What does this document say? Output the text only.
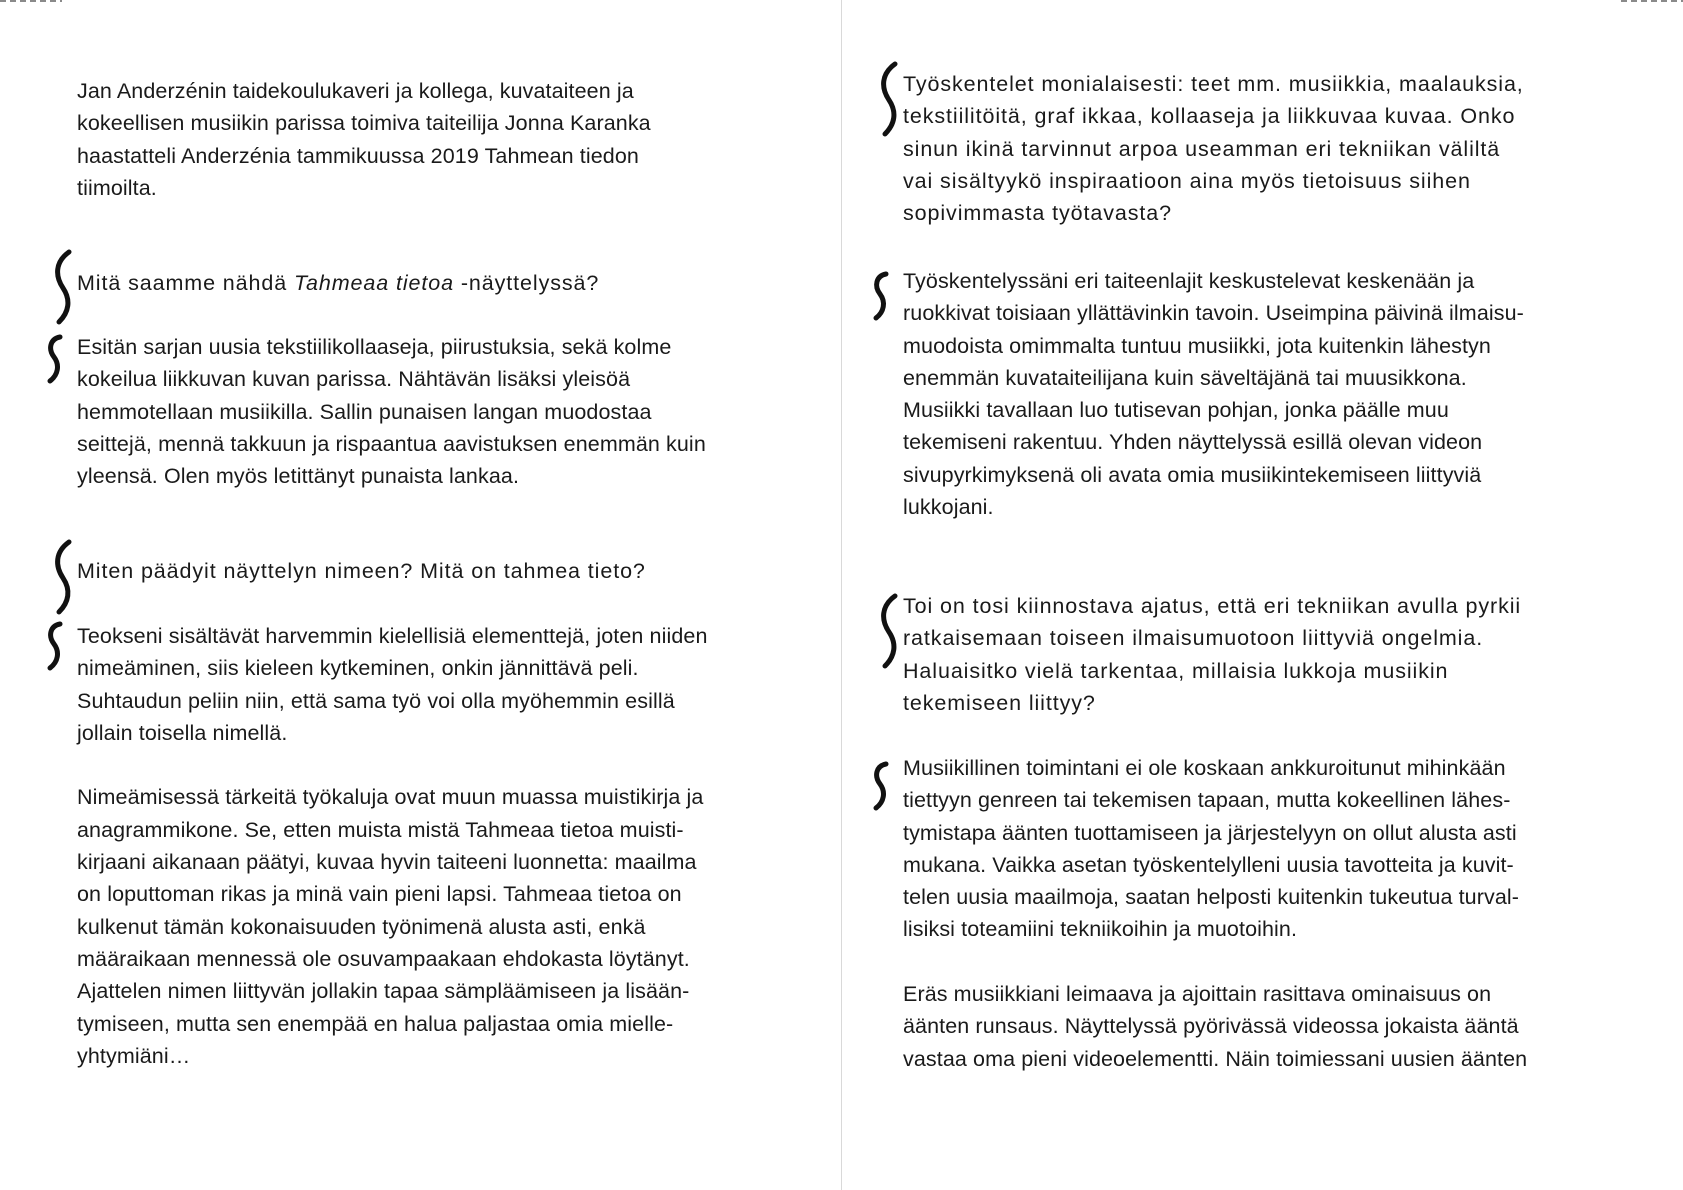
Jan Anderzénin taidekoulukaveri ja kollega, kuvataiteen ja
kokeellisen musiikin parissa toimiva taiteilija Jonna Karanka
haastatteli Anderzénia tammikuussa 2019 Tahmean tiedon
tiimoilta.
Mitä saamme nähdä Tahmeaa tietoa -näyttelyssä?
Esitän sarjan uusia tekstiilikollaaseja, piirustuksia, sekä kolme
kokeilua liikkuvan kuvan parissa. Nähtävän lisäksi yleisöä
hemmotellaan musiikilla. Sallin punaisen langan muodostaa
seittejä, mennä takkuun ja rispaantua aavistuksen enemmän kuin
yleensä. Olen myös letittänyt punaista lankaa.
Miten päädyit näyttelyn nimeen? Mitä on tahmea tieto?

Teokseni sisältävät harvemmin kielellisiä elementtejä, joten niiden
nimeäminen, siis kieleen kytkeminen, onkin jännittävä peli.
Suhtaudun peliin niin, että sama työ voi olla myöhemmin esillä
jollain toisella nimellä.

Nimeämisessä tärkeitä työkaluja ovat muun muassa muistikirja ja
anagrammikone. Se, etten muista mistä Tahmeaa tietoa muisti-
kirjaani aikanaan päätyi, kuvaa hyvin taiteeni luonnetta: maailma
on loputtoman rikas ja minä vain pieni lapsi. Tahmeaa tietoa on
kulkenut tämän kokonaisuuden työnimenä alusta asti, enkä
määraikaan mennessä ole osuvampaakaan ehdokasta löytänyt.
Ajattelen nimen liittyvän jollakin tapaa sämpläämiseen ja lisään-
tymiseen, mutta sen enempää en halua paljastaa omia mielle-
yhtymiäni…

Työskentelet monialaisesti: teet mm. musiikkia, maalauksia,
tekstiilitöitä, graf ikkaa, kollaaseja ja liikkuvaa kuvaa. Onko
sinun ikinä tarvinnut arpoa useamman eri tekniikan väliltä
vai sisältyykö inspiraatioon aina myös tietoisuus siihen
sopivimmasta työtavasta?
Työskentelyssäni eri taiteenlajit keskustelevat keskenään ja
ruokkivat toisiaan yllättävinkin tavoin. Useimpina päivinä ilmaisu-
muodoista omimmalta tuntuu musiikki, jota kuitenkin lähestyn
enemmän kuvataiteilijana kuin säveltäjänä tai muusikkona.
Musiikki tavallaan luo tutisevan pohjan, jonka päälle muu
tekemiseni rakentuu. Yhden näyttelyssä esillä olevan videon
sivupyrkimyksenä oli avata omia musiikintekemiseen liittyviä
lukkojani.
Toi on tosi kiinnostava ajatus, että eri tekniikan avulla pyrkii
ratkaisemaan toiseen ilmaisumuotoon liittyviä ongelmia.
Haluaisitko vielä tarkentaa, millaisia lukkoja musiikin
tekemiseen liittyy?

Musiikillinen toimintani ei ole koskaan ankkuroitunut mihinkään
tiettyyn genreen tai tekemisen tapaan, mutta kokeellinen lähes-
tymistapa äänten tuottamiseen ja järjestelyyn on ollut alusta asti
mukana. Vaikka asetan työskentelylleni uusia tavotteita ja kuvit-
telen uusia maailmoja, saatan helposti kuitenkin tukeutua turval-
lisiksi toteamiini tekniikoihin ja muotoihin.

Eräs musiikkiani leimaava ja ajoittain rasittava ominaisuus on
äänten runsaus. Näyttelyssä pyörivässä videossa jokaista ääntä
vastaa oma pieni videoelementti. Näin toimiessani uusien äänten
